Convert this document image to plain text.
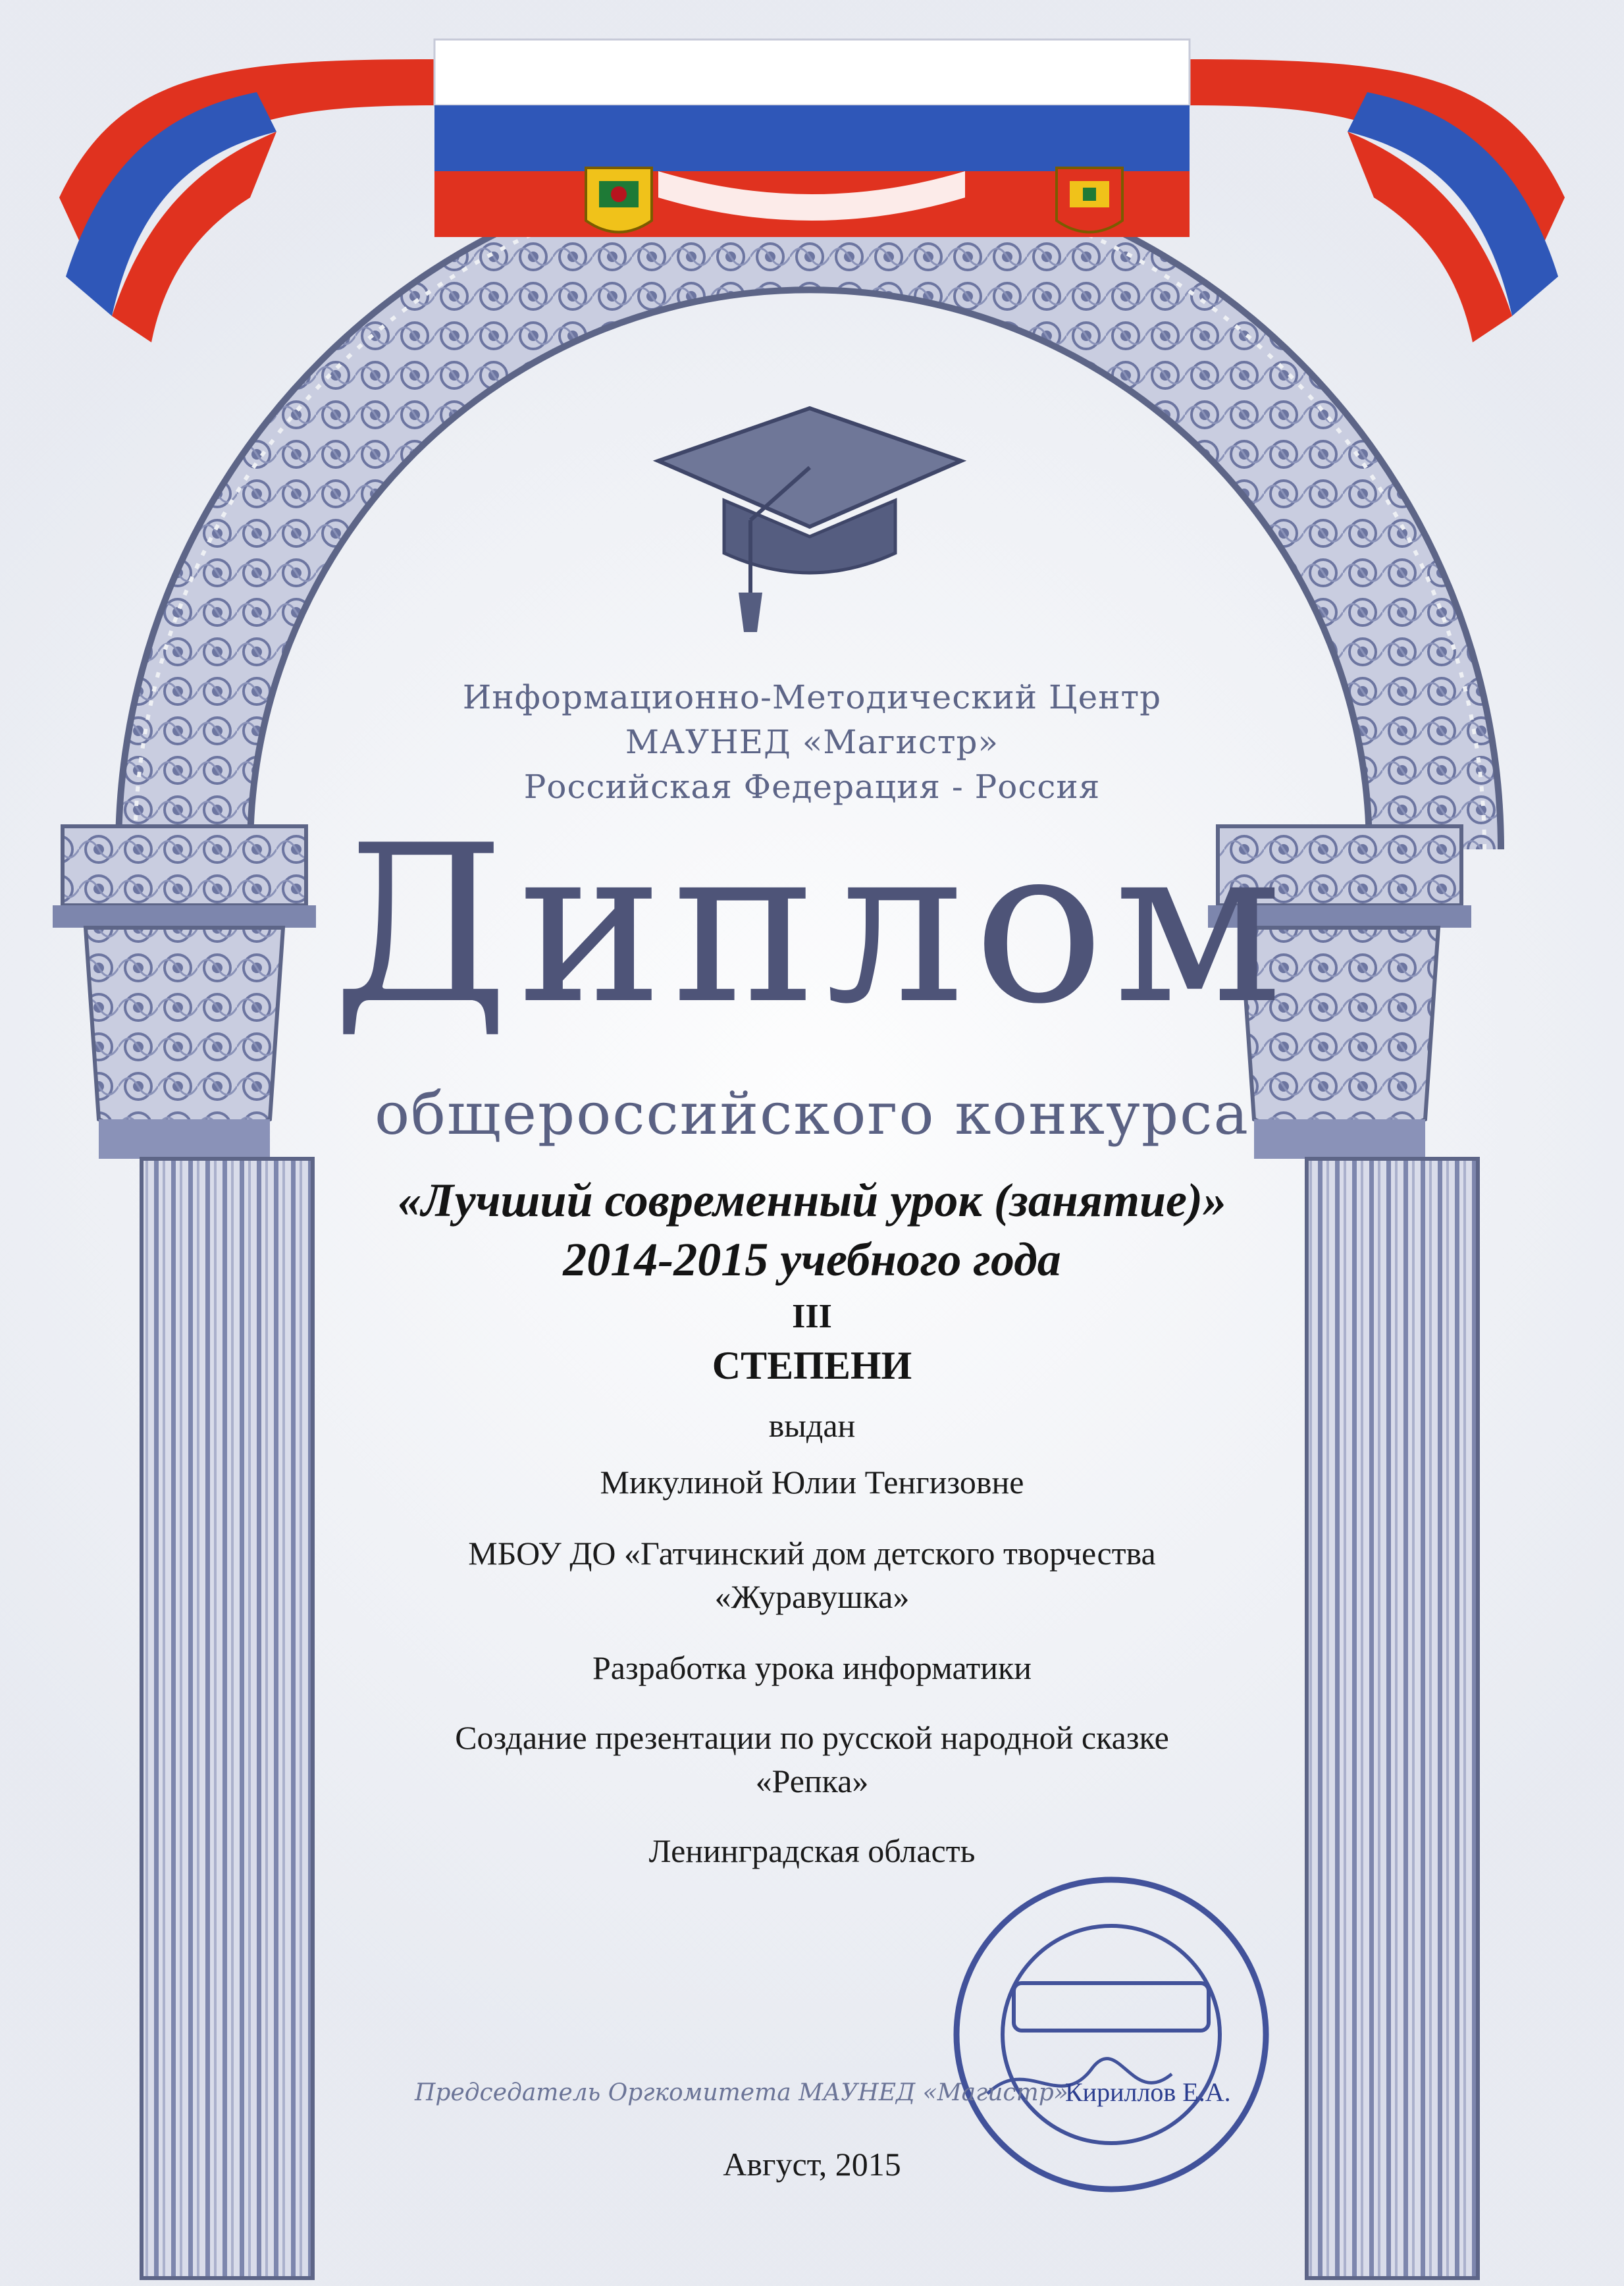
Информационно-Методический Центр

МАУНЕД «Магистр»

Российская Федерация - Россия

Диплом

общероссийского конкурса

«Лучший современный урок (занятие)»

2014-2015 учебного года

III

СТЕПЕНИ

выдан

Микулиной Юлии Тенгизовне

МБОУ ДО «Гатчинский дом детского творчества

«Журавушка»

Разработка урока информатики

Создание презентации по русской народной сказке

«Репка»

Ленинградская область

Председатель Оргкомитета МАУНЕД «Магистр»
Кириллов Е.А.

Август, 2015
